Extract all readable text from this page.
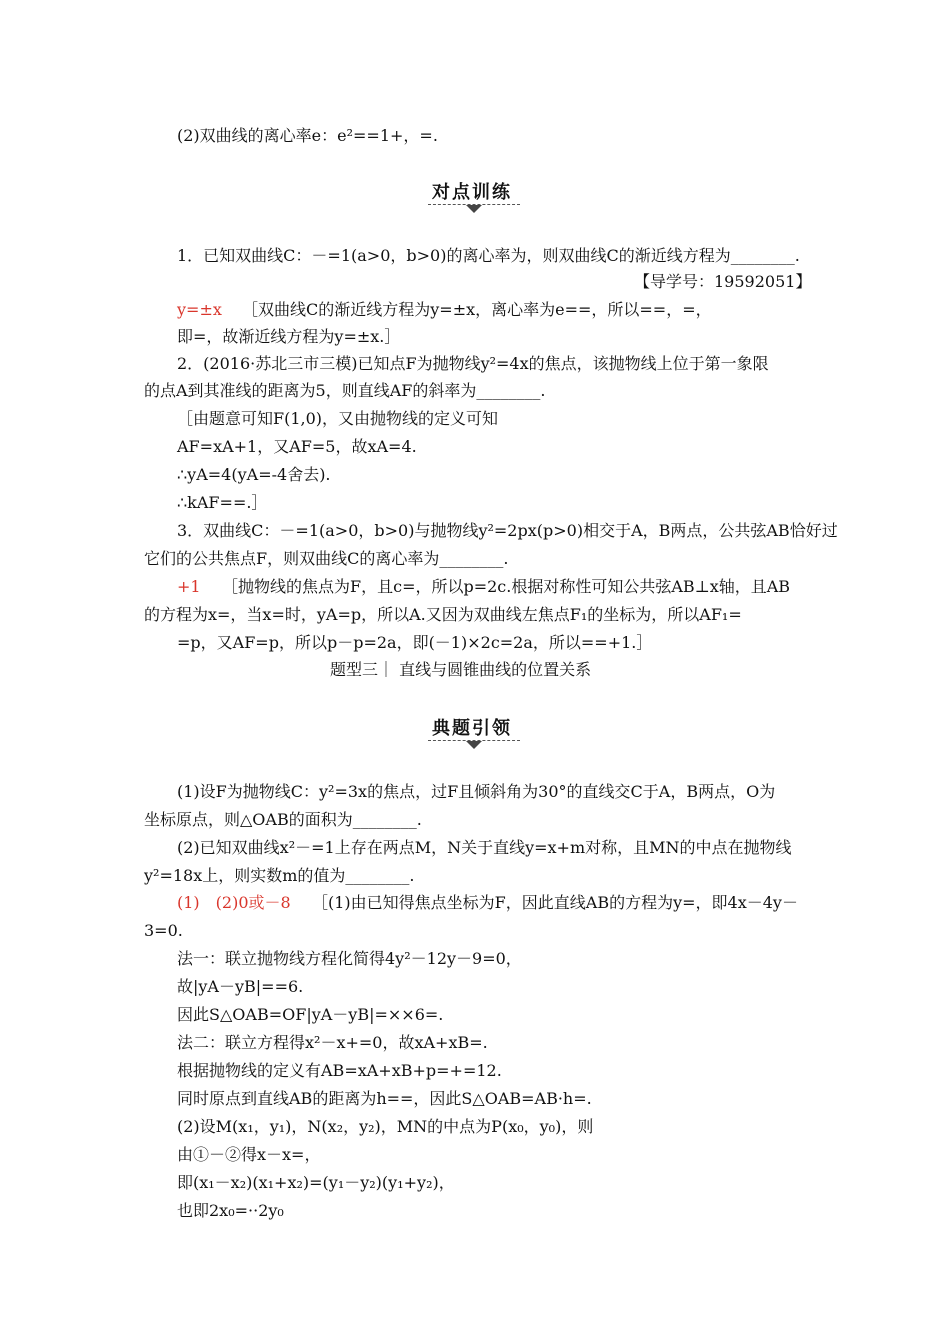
(2)双曲线的离心率e：e²==1+，=.
对点训练
1．已知双曲线C：－=1(a>0，b>0)的离心率为，则双曲线C的渐近线方程为________.
【导学号：19592051】
y=±x ［双曲线C的渐近线方程为y=±x，离心率为e==，所以==，=，
即=，故渐近线方程为y=±x.］
2．(2016·苏北三市三模)已知点F为抛物线y²=4x的焦点，该抛物线上位于第一象限
的点A到其准线的距离为5，则直线AF的斜率为________.
［由题意可知F(1,0)，又由抛物线的定义可知
AF=xA+1，又AF=5，故xA=4.
∴yA=4(yA=-4舍去).
∴kAF==.］
3．双曲线C：－=1(a>0，b>0)与抛物线y²=2px(p>0)相交于A，B两点，公共弦AB恰好过
它们的公共焦点F，则双曲线C的离心率为________.
+1 ［抛物线的焦点为F，且c=，所以p=2c.根据对称性可知公共弦AB⊥x轴，且AB
的方程为x=，当x=时，yA=p，所以A.又因为双曲线左焦点F₁的坐标为，所以AF₁=
=p，又AF=p，所以p－p=2a，即(－1)×2c=2a，所以==+1.］
题型三｜ 直线与圆锥曲线的位置关系
典题引领
(1)设F为抛物线C：y²=3x的焦点，过F且倾斜角为30°的直线交C于A，B两点，O为
坐标原点，则△OAB的面积为________.
(2)已知双曲线x²－=1上存在两点M，N关于直线y=x+m对称，且MN的中点在抛物线
y²=18x上，则实数m的值为________.
(1)　(2)0或－8 ［(1)由已知得焦点坐标为F，因此直线AB的方程为y=，即4x－4y－
3=0.
法一：联立抛物线方程化简得4y²－12y－9=0，
故|yA－yB|==6.
因此S△OAB=OF|yA－yB|=××6=.
法二：联立方程得x²－x+=0，故xA+xB=.
根据抛物线的定义有AB=xA+xB+p=+=12.
同时原点到直线AB的距离为h==，因此S△OAB=AB·h=.
(2)设M(x₁，y₁)，N(x₂，y₂)，MN的中点为P(x₀，y₀)，则
由①－②得x－x=，
即(x₁－x₂)(x₁+x₂)=(y₁－y₂)(y₁+y₂)，
也即2x₀=··2y₀
